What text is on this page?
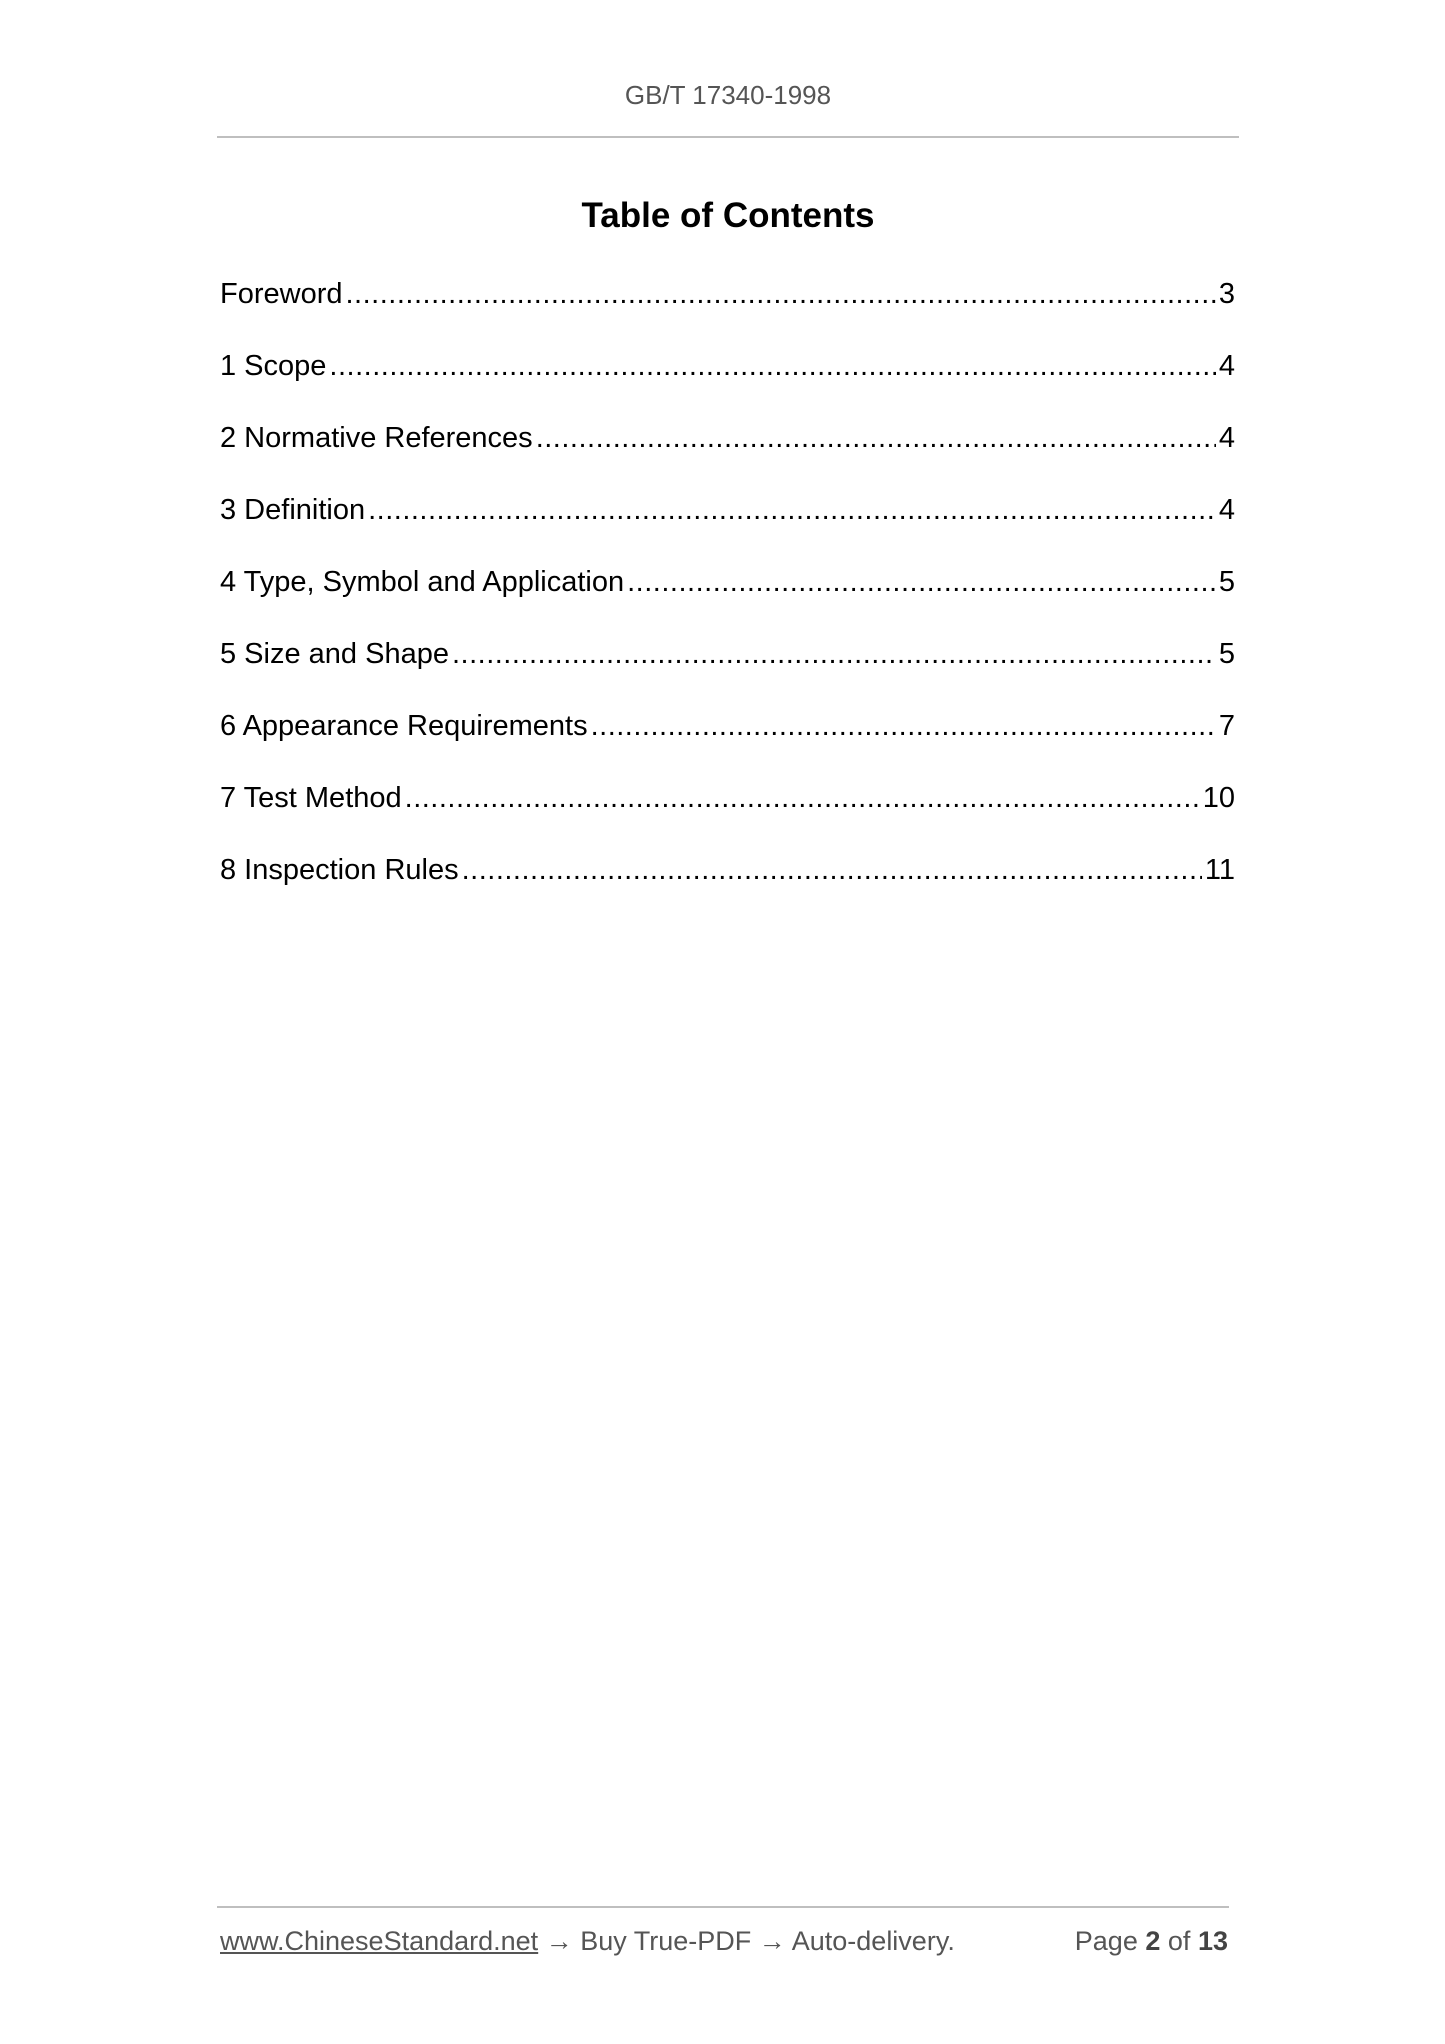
GB/T 17340-1998
Table of Contents
Foreword .....	3
1 Scope .....	4
2 Normative References .....	4
3 Definition .....	4
4 Type, Symbol and Application .....	5
5 Size and Shape .....	5
6 Appearance Requirements .....	7
7 Test Method .....	10
8 Inspection Rules .....	11
www.ChineseStandard.net → Buy True-PDF → Auto-delivery.	Page 2 of 13
